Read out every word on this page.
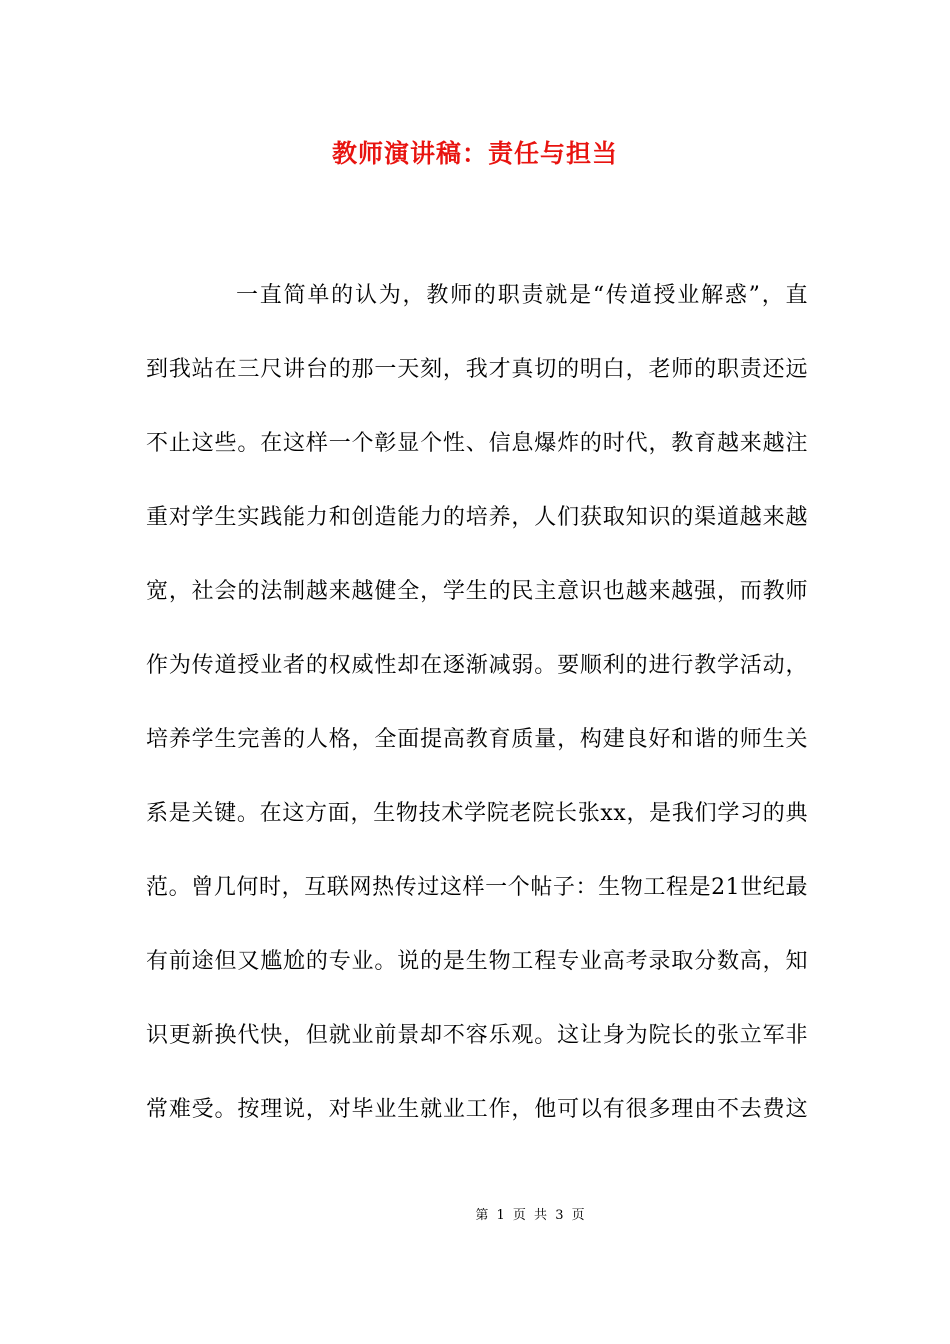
教师演讲稿：责任与担当
一直简单的认为，教师的职责就是“传道授业解惑”，直
到我站在三尺讲台的那一天刻，我才真切的明白，老师的职责还远
不止这些。在这样一个彰显个性、信息爆炸的时代，教育越来越注
重对学生实践能力和创造能力的培养，人们获取知识的渠道越来越
宽，社会的法制越来越健全，学生的民主意识也越来越强，而教师
作为传道授业者的权威性却在逐渐减弱。要顺利的进行教学活动，
培养学生完善的人格，全面提高教育质量，构建良好和谐的师生关
系是关键。在这方面，生物技术学院老院长张xx，是我们学习的典
范。曾几何时，互联网热传过这样一个帖子：生物工程是21世纪最
有前途但又尴尬的专业。说的是生物工程专业高考录取分数高，知
识更新换代快，但就业前景却不容乐观。这让身为院长的张立军非
常难受。按理说，对毕业生就业工作，他可以有很多理由不去费这
第 1 页 共 3 页
